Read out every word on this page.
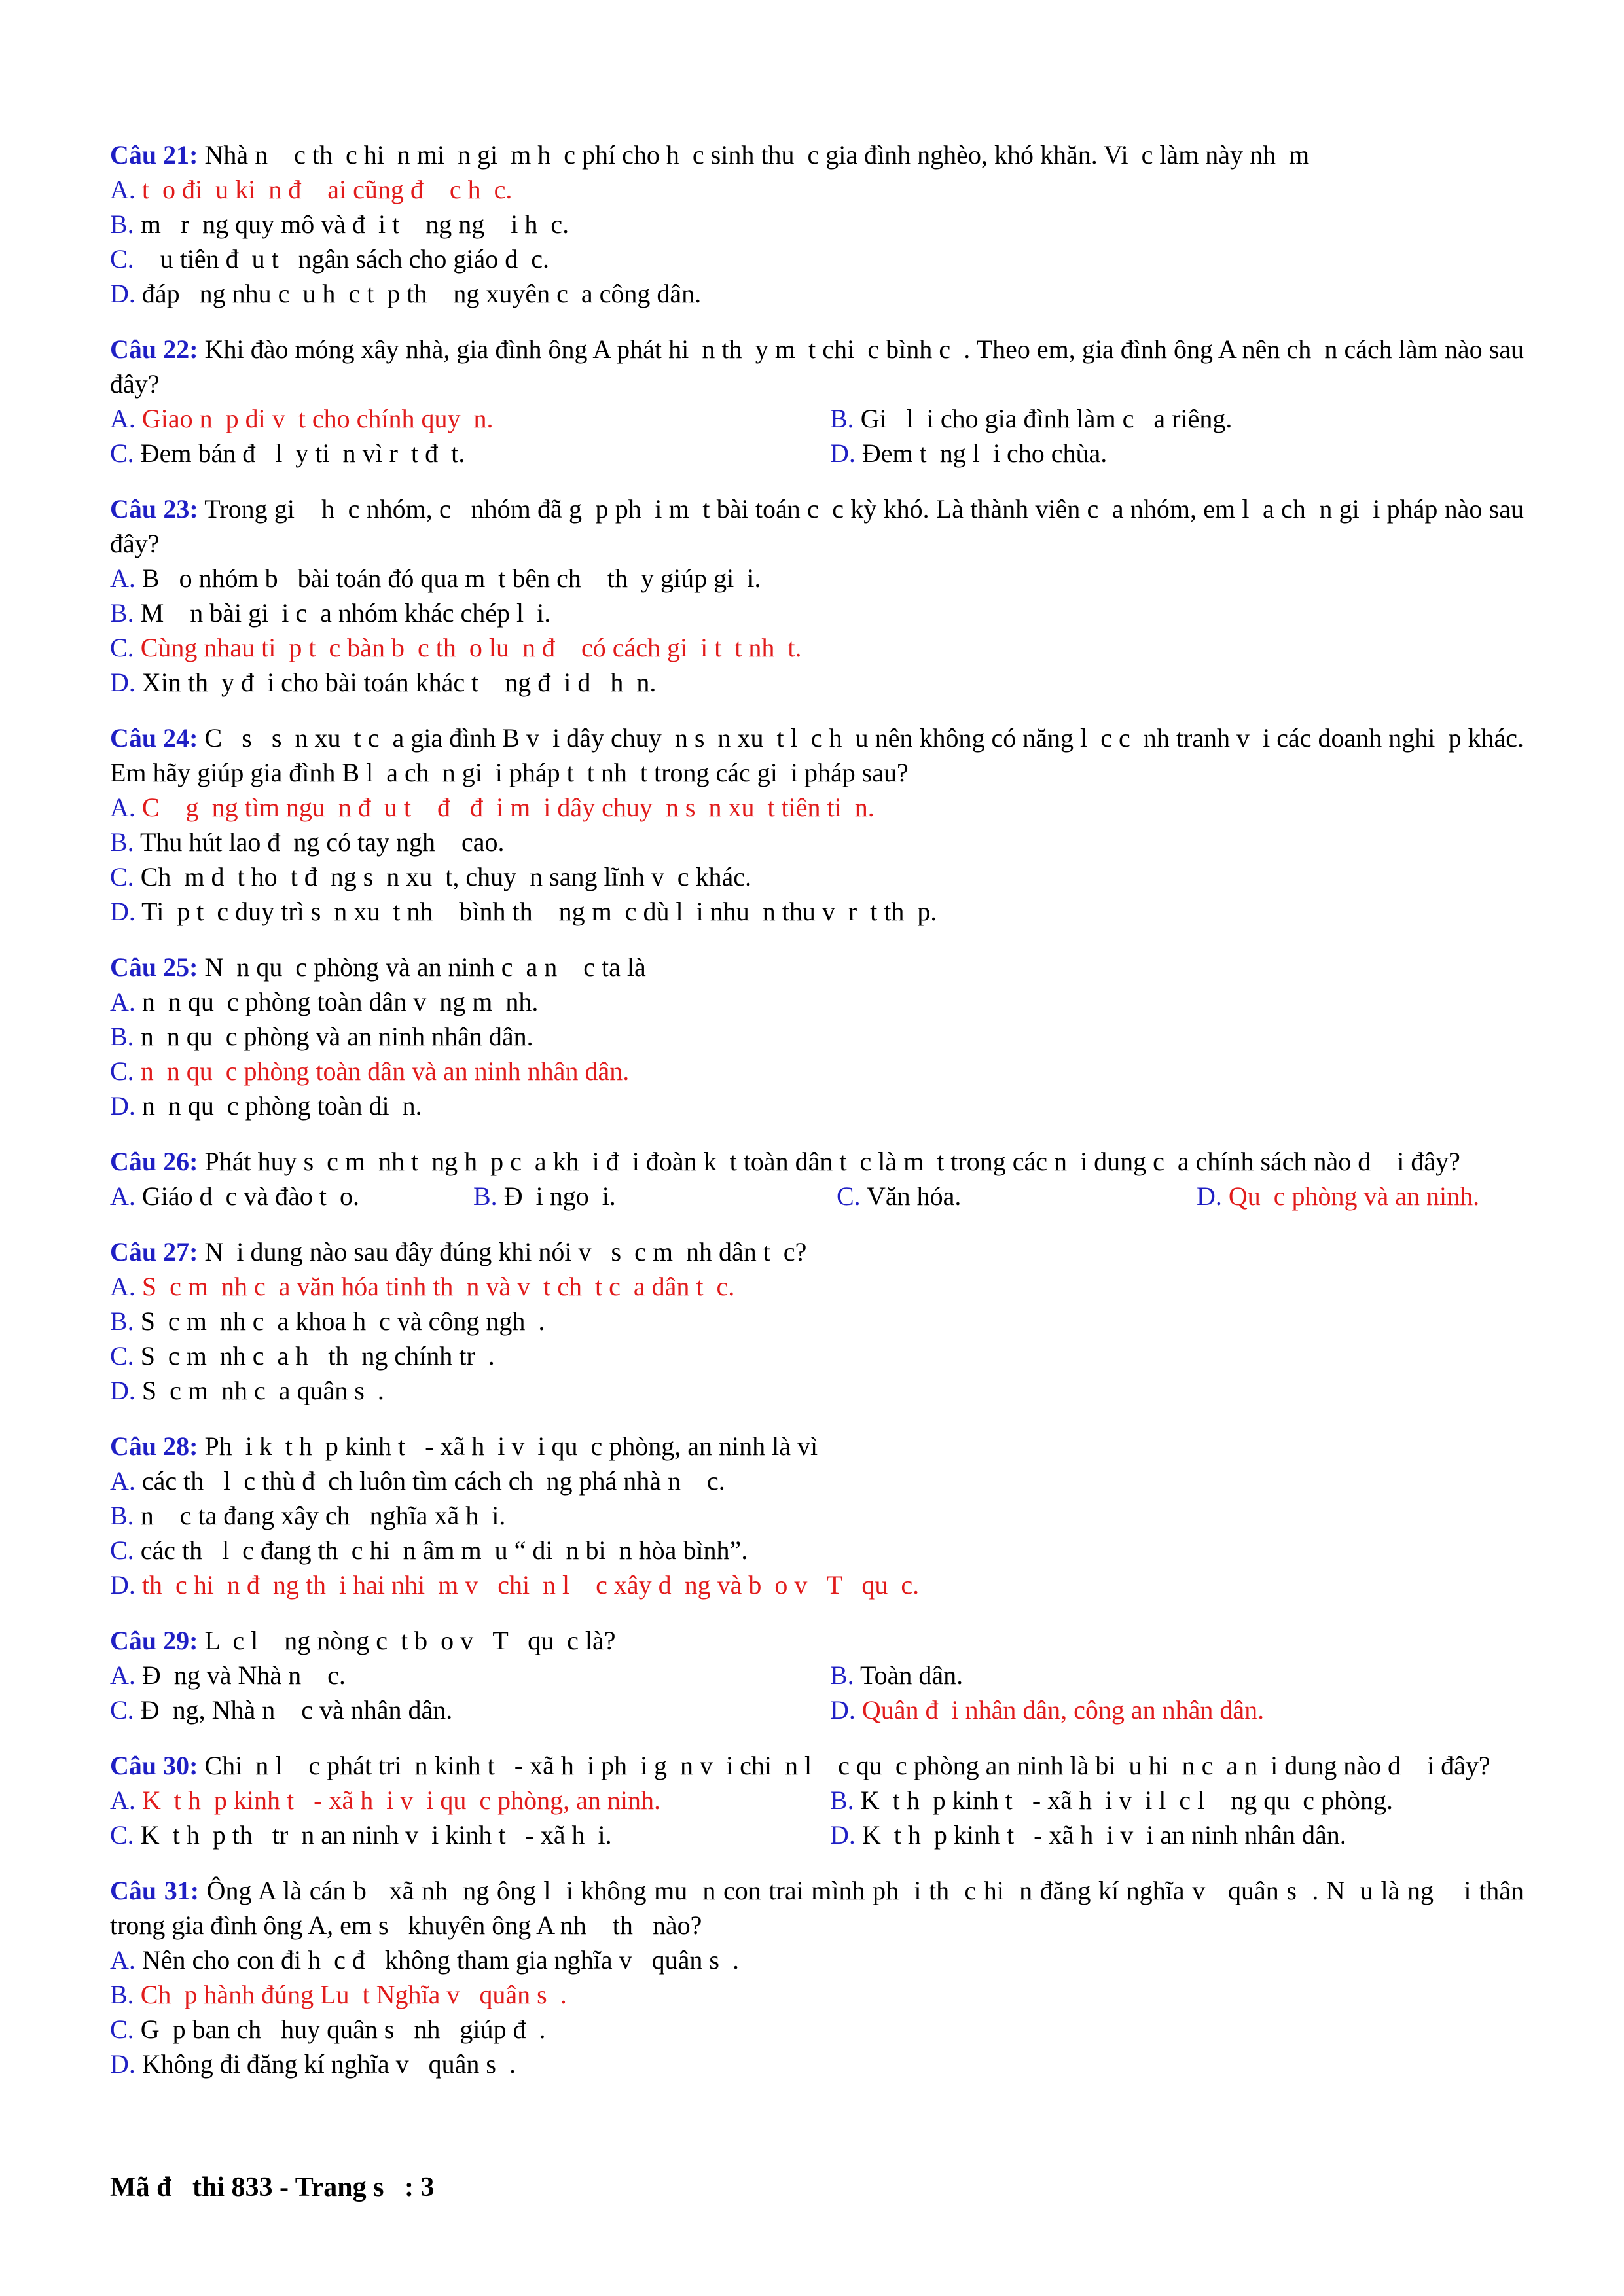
Câu 21: Nhà n    c th  c hi  n mi  n gi  m h  c phí cho h  c sinh thu  c gia đình nghèo, khó khăn. Vi  c làm này nh  m

A. t  o đi  u ki  n đ    ai cũng đ    c h  c.

B. m   r  ng quy mô và đ  i t    ng ng    i h  c.

C.    u tiên đ  u t   ngân sách cho giáo d  c.

D. đáp   ng nhu c  u h  c t  p th    ng xuyên c  a công dân.

Câu 22: Khi đào móng xây nhà, gia đình ông A phát hi  n th  y m  t chi  c bình c  . Theo em, gia đình ông A nên ch  n cách làm nào sau đây?

A. Giao n  p di v  t cho chính quy  n.	B. Gi   l  i cho gia đình làm c   a riêng.

C. Đem bán đ   l  y ti  n vì r  t đ  t.	D. Đem t  ng l  i cho chùa.

Câu 23: Trong gi    h  c nhóm, c   nhóm đã g  p ph  i m  t bài toán c  c kỳ khó. Là thành viên c  a nhóm, em l  a ch  n gi  i pháp nào sau đây?

A. B   o nhóm b   bài toán đó qua m  t bên ch    th  y giúp gi  i.

B. M    n bài gi  i c  a nhóm khác chép l  i.

C. Cùng nhau ti  p t  c bàn b  c th  o lu  n đ    có cách gi  i t  t nh  t.

D. Xin th  y đ  i cho bài toán khác t    ng đ  i d   h  n.

Câu 24: C   s   s  n xu  t c  a gia đình B v  i dây chuy  n s  n xu  t l  c h  u nên không có năng l  c c  nh tranh v  i các doanh nghi  p khác. Em hãy giúp gia đình B l  a ch  n gi  i pháp t  t nh  t trong các gi  i pháp sau?

A. C    g  ng tìm ngu  n đ  u t    đ   đ  i m  i dây chuy  n s  n xu  t tiên ti  n.

B. Thu hút lao đ  ng có tay ngh    cao.

C. Ch  m d  t ho  t đ  ng s  n xu  t, chuy  n sang lĩnh v  c khác.

D. Ti  p t  c duy trì s  n xu  t nh    bình th    ng m  c dù l  i nhu  n thu v  r  t th  p.

Câu 25: N  n qu  c phòng và an ninh c  a n    c ta là

A. n  n qu  c phòng toàn dân v  ng m  nh.

B. n  n qu  c phòng và an ninh nhân dân.

C. n  n qu  c phòng toàn dân và an ninh nhân dân.

D. n  n qu  c phòng toàn di  n.

Câu 26: Phát huy s  c m  nh t  ng h  p c  a kh  i đ  i đoàn k  t toàn dân t  c là m  t trong các n  i dung c  a chính sách nào d    i đây?

A. Giáo d  c và đào t  o.	B. Đ  i ngo  i.	C. Văn hóa.	D. Qu  c phòng và an ninh.

Câu 27: N  i dung nào sau đây đúng khi nói v   s  c m  nh dân t  c?

A. S  c m  nh c  a văn hóa tinh th  n và v  t ch  t c  a dân t  c.

B. S  c m  nh c  a khoa h  c và công ngh  .

C. S  c m  nh c  a h   th  ng chính tr  .

D. S  c m  nh c  a quân s  .

Câu 28: Ph  i k  t h  p kinh t   - xã h  i v  i qu  c phòng, an ninh là vì

A. các th   l  c thù đ  ch luôn tìm cách ch  ng phá nhà n    c.

B. n    c ta đang xây ch   nghĩa xã h  i.

C. các th   l  c đang th  c hi  n âm m  u “ di  n bi  n hòa bình”.

D. th  c hi  n đ  ng th  i hai nhi  m v   chi  n l    c xây d  ng và b  o v   T   qu  c.

Câu 29: L  c l    ng nòng c  t b  o v   T   qu  c là?

A. Đ  ng và Nhà n    c.	B. Toàn dân.

C. Đ  ng, Nhà n    c và nhân dân.	D. Quân đ  i nhân dân, công an nhân dân.

Câu 30: Chi  n l    c phát tri  n kinh t   - xã h  i ph  i g  n v  i chi  n l    c qu  c phòng an ninh là bi  u hi  n c  a n  i dung nào d    i đây?

A. K  t h  p kinh t   - xã h  i v  i qu  c phòng, an ninh.	B. K  t h  p kinh t   - xã h  i v  i l  c l    ng qu  c phòng.

C. K  t h  p th   tr  n an ninh v  i kinh t   - xã h  i.	D. K  t h  p kinh t   - xã h  i v  i an ninh nhân dân.

Câu 31: Ông A là cán b   xã nh  ng ông l  i không mu  n con trai mình ph  i th  c hi  n đăng kí nghĩa v   quân s  . N  u là ng    i thân trong gia đình ông A, em s   khuyên ông A nh    th   nào?

A. Nên cho con đi h  c đ   không tham gia nghĩa v   quân s  .

B. Ch  p hành đúng Lu  t Nghĩa v   quân s  .

C. G  p ban ch   huy quân s   nh   giúp đ  .

D. Không đi đăng kí nghĩa v   quân s  .

Mã đ   thi 833 - Trang s   : 3
